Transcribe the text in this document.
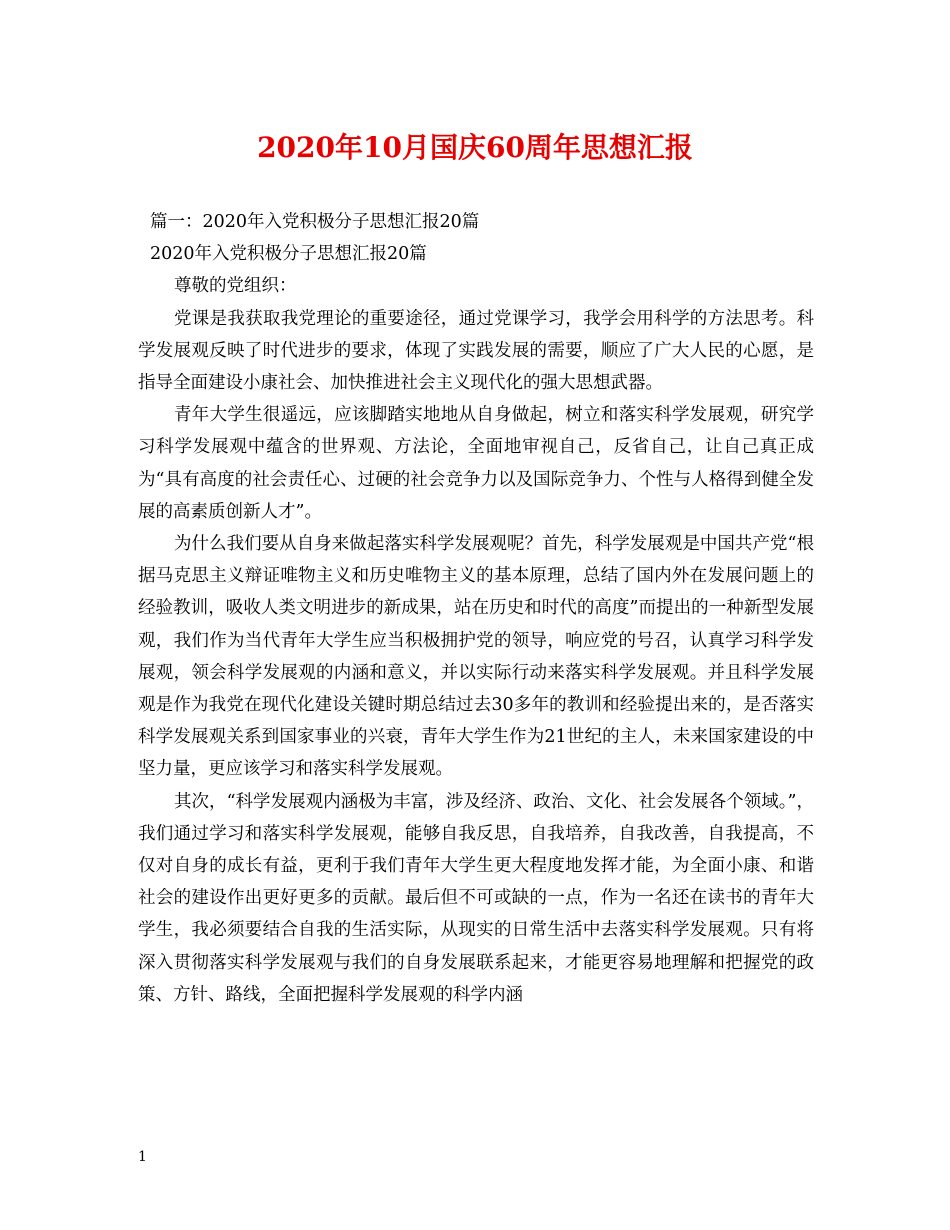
2020年10月国庆60周年思想汇报

篇一：2020年入党积极分子思想汇报20篇

2020年入党积极分子思想汇报20篇

尊敬的党组织：

党课是我获取我党理论的重要途径，通过党课学习，我学会用科学的方法思考。科学发展观反映了时代进步的要求，体现了实践发展的需要，顺应了广大人民的心愿，是指导全面建设小康社会、加快推进社会主义现代化的强大思想武器。

青年大学生很遥远，应该脚踏实地地从自身做起，树立和落实科学发展观，研究学习科学发展观中蕴含的世界观、方法论，全面地审视自己，反省自己，让自己真正成为“具有高度的社会责任心、过硬的社会竞争力以及国际竞争力、个性与人格得到健全发展的高素质创新人才”。

为什么我们要从自身来做起落实科学发展观呢？首先，科学发展观是中国共产党“根据马克思主义辩证唯物主义和历史唯物主义的基本原理，总结了国内外在发展问题上的经验教训，吸收人类文明进步的新成果，站在历史和时代的高度”而提出的一种新型发展观，我们作为当代青年大学生应当积极拥护党的领导，响应党的号召，认真学习科学发展观，领会科学发展观的内涵和意义，并以实际行动来落实科学发展观。并且科学发展观是作为我党在现代化建设关键时期总结过去30多年的教训和经验提出来的，是否落实科学发展观关系到国家事业的兴衰，青年大学生作为21世纪的主人，未来国家建设的中坚力量，更应该学习和落实科学发展观。

其次，“科学发展观内涵极为丰富，涉及经济、政治、文化、社会发展各个领域。”，我们通过学习和落实科学发展观，能够自我反思，自我培养，自我改善，自我提高，不仅对自身的成长有益，更利于我们青年大学生更大程度地发挥才能，为全面小康、和谐社会的建设作出更好更多的贡献。最后但不可或缺的一点，作为一名还在读书的青年大学生，我必须要结合自我的生活实际，从现实的日常生活中去落实科学发展观。只有将深入贯彻落实科学发展观与我们的自身发展联系起来，才能更容易地理解和把握党的政策、方针、路线，全面把握科学发展观的科学内涵

1
